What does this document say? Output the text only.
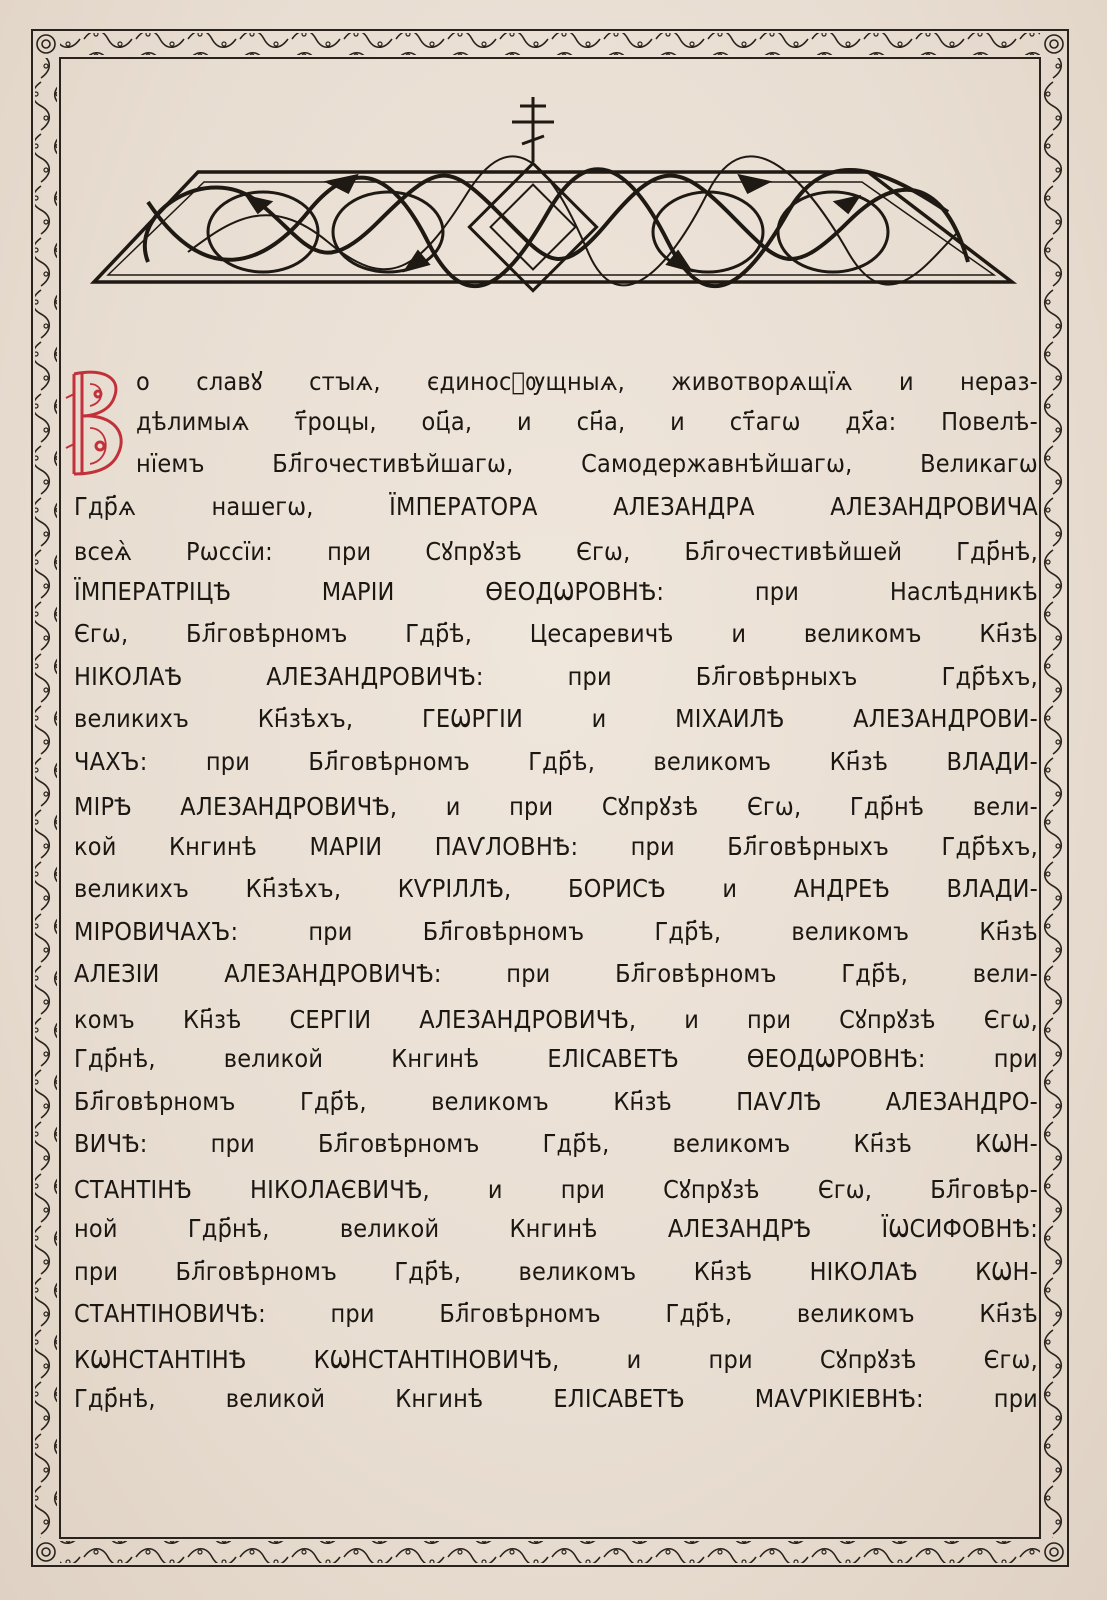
о славꙋ стꙑѧ, єдинос꙯ѹщныѧ, животворѧщїѧ и нераз-
дѣлимыѧ т҃роцы, оц҃а, и сн҃а, и ст҃агѡ дх҃а: Повелѣ-
нїемъ	Бл҃гочестивѣйшагѡ,	Самодержавнѣйшагѡ,	Великагѡ
Гдр҃ѧ	нашегѡ,	ЇМПЕРАТОРА	АЛЕЗАНДРА	АЛЕЗАНДРОВИЧА
всеѧ̀ Рѡссїи: при Сꙋпрꙋзѣ Єгѡ, Бл҃гочестивѣйшей Гдр҃нѣ,
ЇМПЕРАТРІЦѢ	МАРІИ	ѲЕОДѠРОВНѢ:	при	Наслѣдникѣ
Єгѡ, Бл҃говѣрномъ Гдр҃ѣ, Цесаревичѣ и великомъ Кн҃зѣ
НІКОЛАѢ	АЛЕЗАНДРОВИЧѢ:	при	Бл҃говѣрныхъ	Гдр҃ѣхъ,
великихъ	Кн҃зѣхъ,	ГЕѠРГІИ	и	МІХАИЛѢ	АЛЕЗАНДРОВИ-
ЧАХЪ: при Бл҃говѣрномъ Гдр҃ѣ, великомъ Кн҃зѣ ВЛАДИ-
МІРѢ АЛЕЗАНДРОВИЧѢ, и при Сꙋпрꙋзѣ Єгѡ, Гдр҃нѣ вели-
кой Кнгинѣ МАРІИ ПАѴЛОВНѢ: при Бл҃говѣрныхъ Гдр҃ѣхъ,
великихъ Кн҃зѣхъ, КѴРІЛЛѢ, БОРИСѢ и АНДРЕѢ ВЛАДИ-
МІРОВИЧАХЪ:	при	Бл҃говѣрномъ	Гдр҃ѣ,	великомъ	Кн҃зѣ
АЛЕЗІИ	АЛЕЗАНДРОВИЧѢ:	при	Бл҃говѣрномъ	Гдр҃ѣ,	вели-
комъ Кн҃зѣ СЕРГІИ АЛЕЗАНДРОВИЧѢ, и при Сꙋпрꙋзѣ Єгѡ,
Гдр҃нѣ,	великой	Кнгинѣ	ЕЛІСАВЕТѢ	ѲЕОДѠРОВНѢ:	при
Бл҃говѣрномъ	Гдр҃ѣ,	великомъ	Кн҃зѣ	ПАѴЛѢ	АЛЕЗАНДРО-
ВИЧѢ:	при	Бл҃говѣрномъ	Гдр҃ѣ,	великомъ	Кн҃зѣ	КѠН-
СТАНТІНѢ НІКОЛАЄВИЧѢ, и при Сꙋпрꙋзѣ Єгѡ, Бл҃говѣр-
ной	Гдр҃нѣ,	великой	Кнгинѣ	АЛЕЗАНДРѢ	ЇѠСИФОВНѢ:
при Бл҃говѣрномъ Гдр҃ѣ, великомъ Кн҃зѣ НІКОЛАѢ КѠН-
СТАНТІНОВИЧѢ:	при	Бл҃говѣрномъ	Гдр҃ѣ,	великомъ	Кн҃зѣ
КѠНСТАНТІНѢ	КѠНСТАНТІНОВИЧѢ,	и	при	Сꙋпрꙋзѣ	Єгѡ,
Гдр҃нѣ,	великой	Кнгинѣ	ЕЛІСАВЕТѢ	МАѴРІКІЕВНѢ:	при
